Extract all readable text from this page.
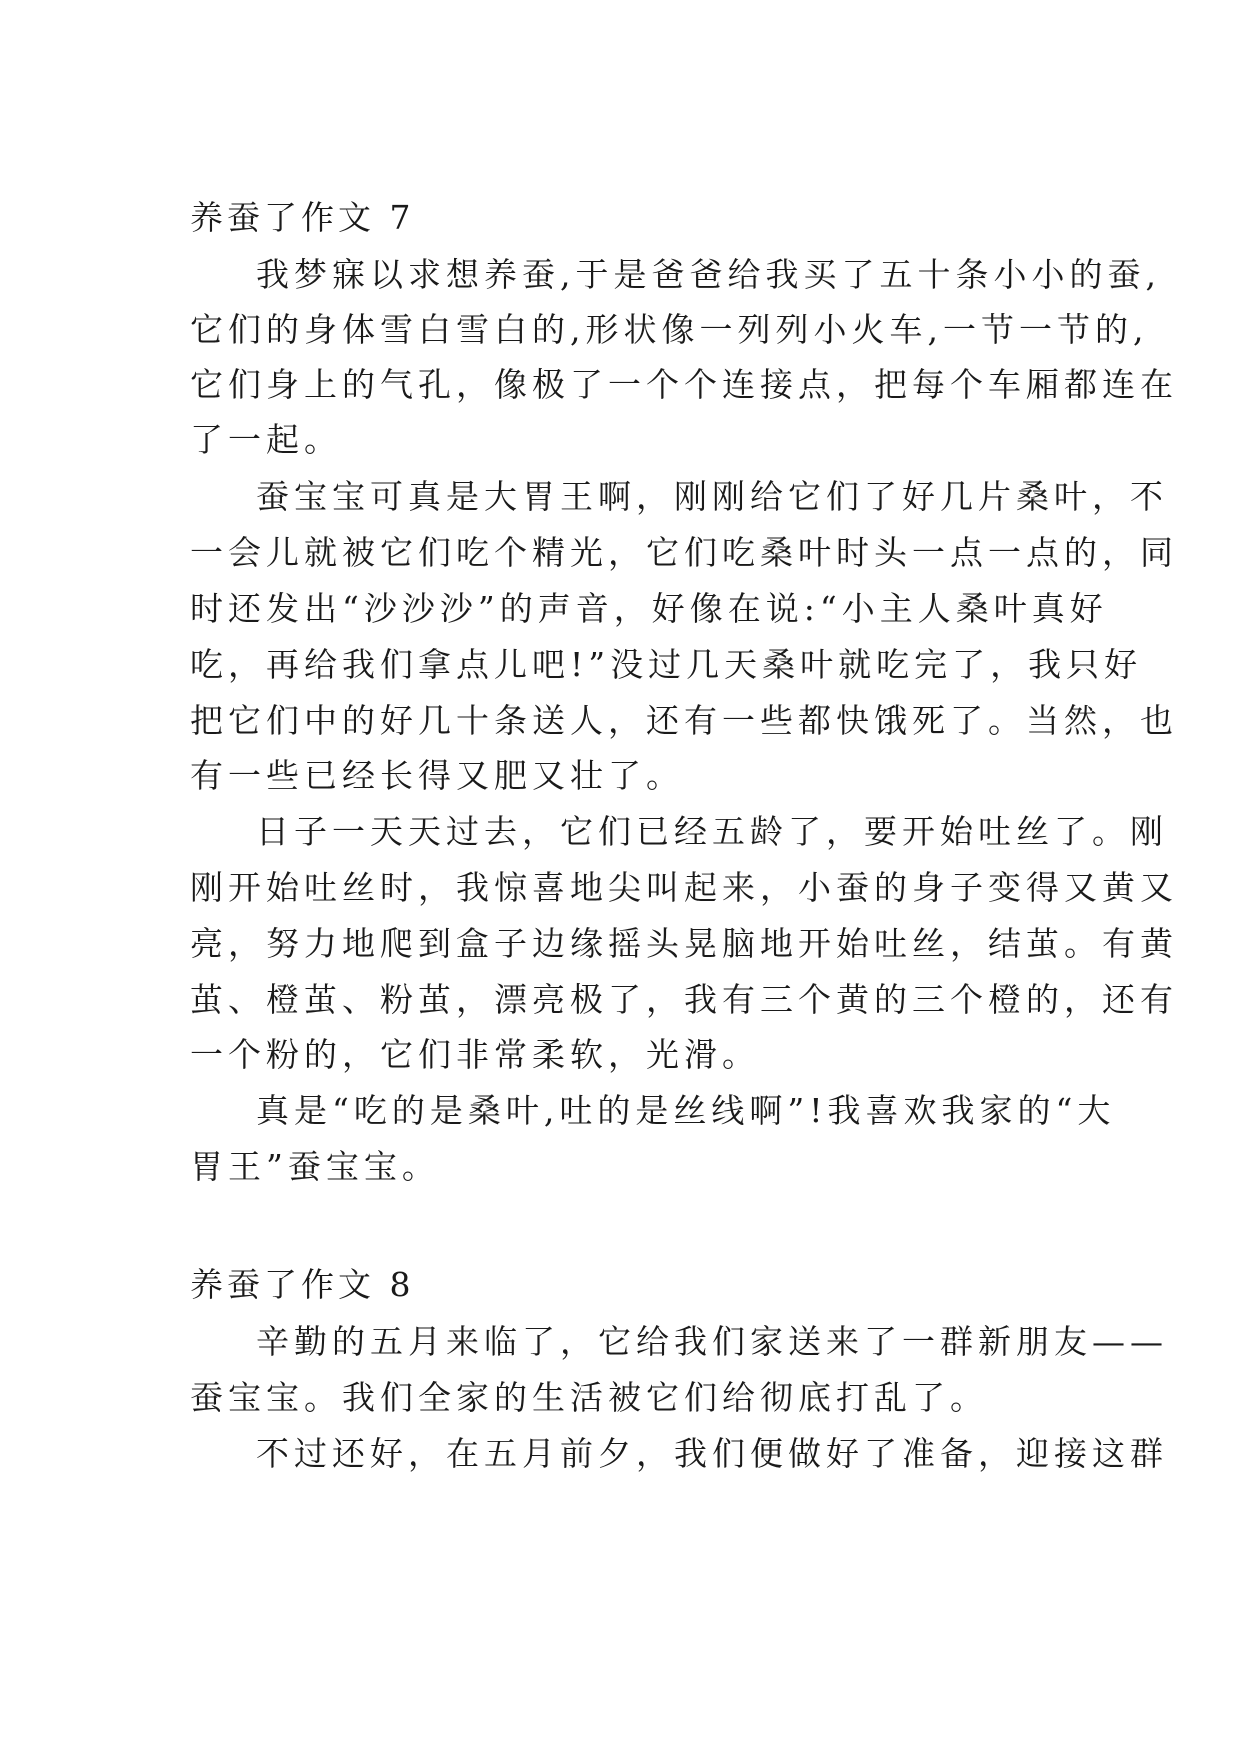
养蚕了作文 7
我梦寐以求想养蚕,于是爸爸给我买了五十条小小的蚕,
它们的身体雪白雪白的,形状像一列列小火车,一节一节的,
它们身上的气孔，像极了一个个连接点，把每个车厢都连在
了一起。
蚕宝宝可真是大胃王啊，刚刚给它们了好几片桑叶，不
一会儿就被它们吃个精光，它们吃桑叶时头一点一点的，同
时还发出“沙沙沙”的声音，好像在说:“小主人桑叶真好
吃，再给我们拿点儿吧!”没过几天桑叶就吃完了，我只好
把它们中的好几十条送人，还有一些都快饿死了。当然，也
有一些已经长得又肥又壮了。
日子一天天过去，它们已经五龄了，要开始吐丝了。刚
刚开始吐丝时，我惊喜地尖叫起来，小蚕的身子变得又黄又
亮，努力地爬到盒子边缘摇头晃脑地开始吐丝，结茧。有黄
茧、橙茧、粉茧，漂亮极了，我有三个黄的三个橙的，还有
一个粉的，它们非常柔软，光滑。
真是“吃的是桑叶,吐的是丝线啊”!我喜欢我家的“大
胃王”蚕宝宝。
养蚕了作文 8
辛勤的五月来临了，它给我们家送来了一群新朋友——
蚕宝宝。我们全家的生活被它们给彻底打乱了。
不过还好，在五月前夕，我们便做好了准备，迎接这群
